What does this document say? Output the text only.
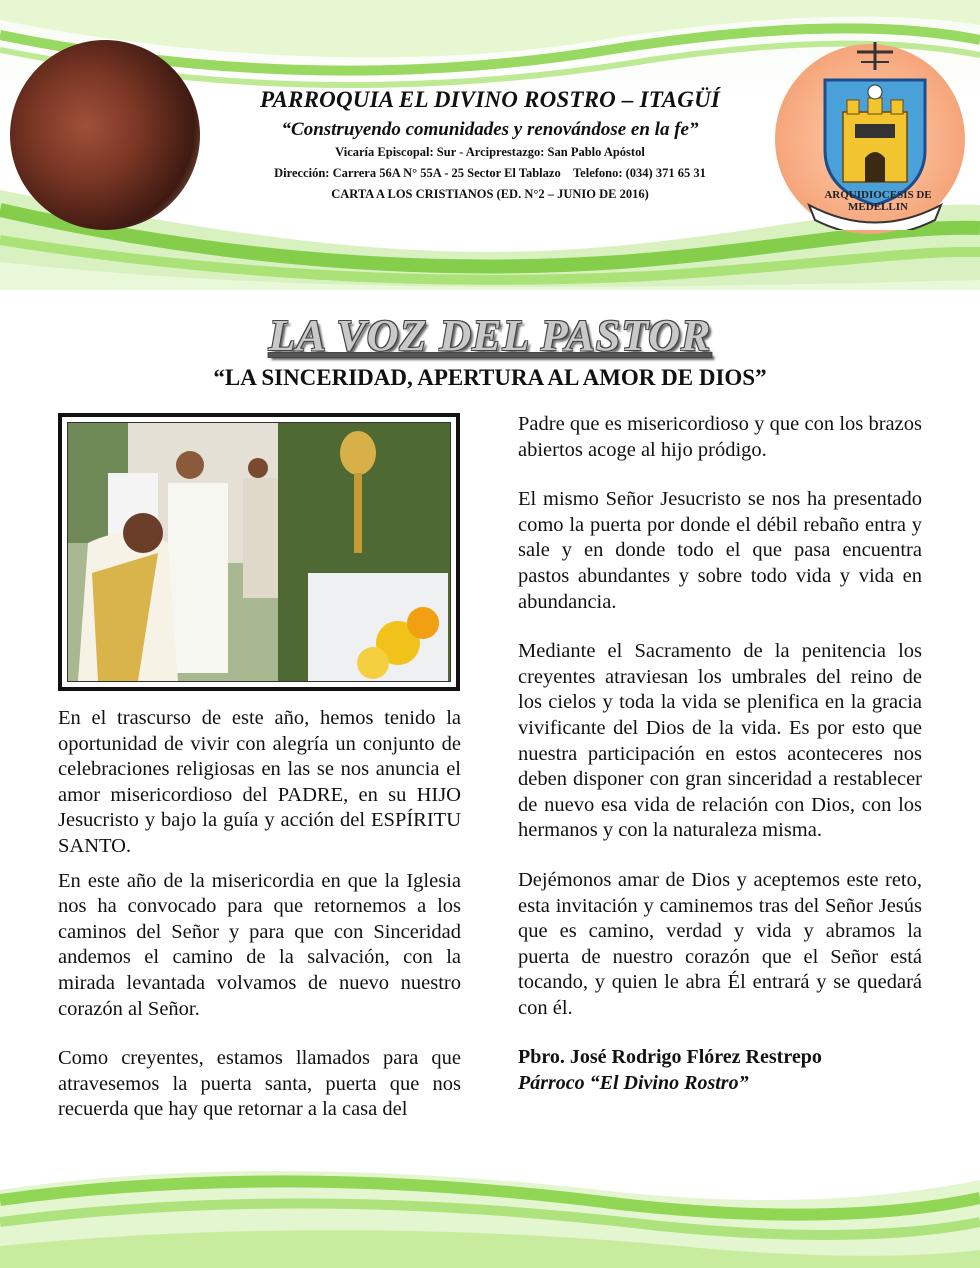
ARQUIDIOCESIS DE MEDELLIN
PARROQUIA EL DIVINO ROSTRO – ITAGÜÍ
“Construyendo comunidades y renovándose en la fe”
Vicaría Episcopal: Sur - Arciprestazgo: San Pablo Apóstol
Dirección: Carrera 56A N° 55A - 25 Sector El Tablazo    Telefono: (034) 371 65 31
CARTA A LOS CRISTIANOS (ED. N°2 – JUNIO DE 2016)
LA VOZ DEL PASTOR
“LA SINCERIDAD, APERTURA AL AMOR DE DIOS”

En el trascurso de este año, hemos tenido la oportunidad de vivir con alegría un conjunto de celebraciones religiosas en las se nos anuncia el amor misericordioso del PADRE, en su HIJO Jesucristo y bajo la guía y acción del ESPÍRITU SANTO.

En este año de la misericordia en que la Iglesia nos ha convocado para que retornemos a los caminos del Señor y para que con Sinceridad andemos el camino de la salvación, con la mirada levantada volvamos de nuevo nuestro corazón al Señor.

Como creyentes, estamos llamados para que atravesemos la puerta santa, puerta que nos recuerda que hay que retornar a la casa del

Padre que es misericordioso y que con los brazos abiertos acoge al hijo pródigo.

El mismo Señor Jesucristo se nos ha presentado como la puerta por donde el débil rebaño entra y sale y en donde todo el que pasa encuentra pastos abundantes y sobre todo vida y vida en abundancia.

Mediante el Sacramento de la penitencia los creyentes atraviesan los umbrales del reino de los cielos y toda la vida se plenifica en la gracia vivificante del Dios de la vida. Es por esto que nuestra participación en estos aconteceres nos deben disponer con gran sinceridad a restablecer de nuevo esa vida de relación con Dios, con los hermanos y con la naturaleza misma.

Dejémonos amar de Dios y aceptemos este reto, esta invitación y caminemos tras del Señor Jesús que es camino, verdad y vida y abramos la puerta de nuestro corazón que el Señor está tocando, y quien le abra Él entrará y se quedará con él.

Pbro. José Rodrigo Flórez Restrepo

Párroco “El Divino Rostro”
